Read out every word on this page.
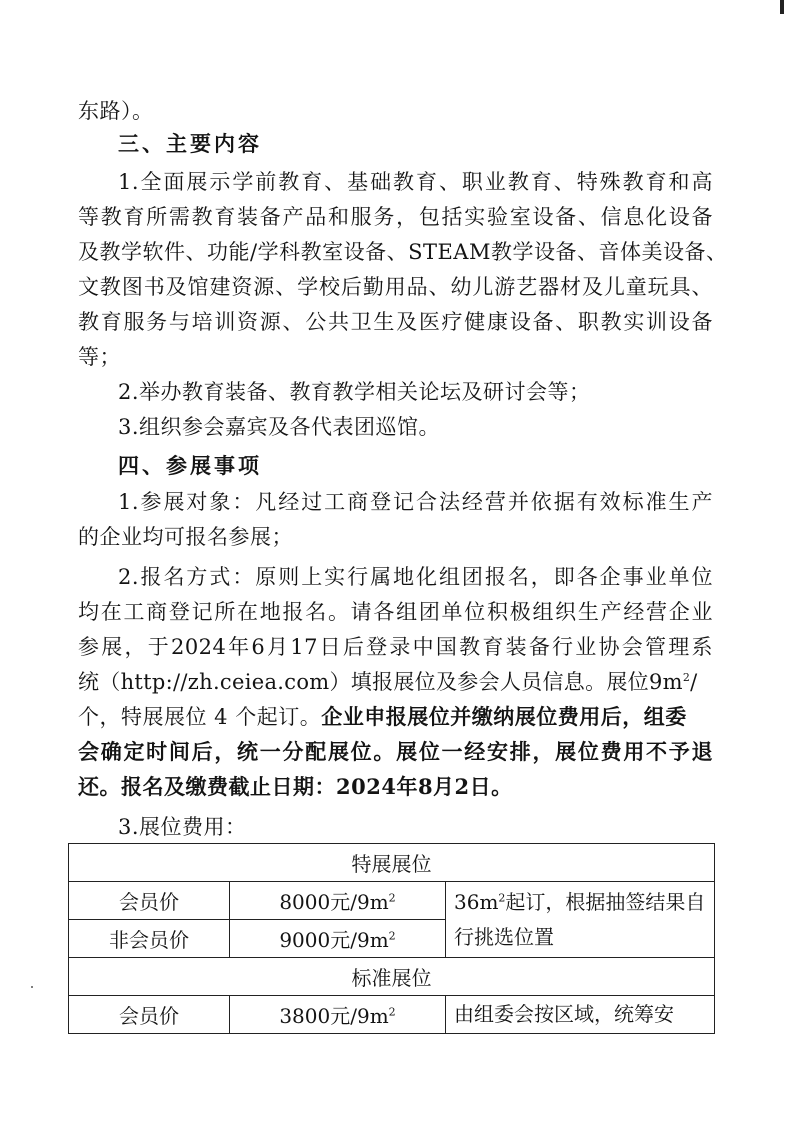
东路）。
三、主要内容
1.全面展示学前教育、基础教育、职业教育、特殊教育和高
等教育所需教育装备产品和服务，包括实验室设备、信息化设备
及教学软件、功能/学科教室设备、STEAM教学设备、音体美设备、
文教图书及馆建资源、学校后勤用品、幼儿游艺器材及儿童玩具、
教育服务与培训资源、公共卫生及医疗健康设备、职教实训设备
等；
2.举办教育装备、教育教学相关论坛及研讨会等；
3.组织参会嘉宾及各代表团巡馆。
四、参展事项
1.参展对象：凡经过工商登记合法经营并依据有效标准生产
的企业均可报名参展；
2.报名方式：原则上实行属地化组团报名，即各企事业单位
均在工商登记所在地报名。请各组团单位积极组织生产经营企业
参展，于2024年6月17日后登录中国教育装备行业协会管理系
统（http://zh.ceiea.com）填报展位及参会人员信息。展位$9m^2/$
个，特展展位 4 个起订。企业申报展位并缴纳展位费用后，组委
会确定时间后，统一分配展位。展位一经安排，展位费用不予退
还。报名及缴费截止日期：2024年8月2日。
3.展位费用：
特展展位		
会员价	8000元$/9m^2$	$36m^2$起订，根据抽签结果自行挑选位置
非会员价	9000元$/9m^2$
标准展位		
会员价	3800元$/9m^2$	由组委会按区域，统筹安
